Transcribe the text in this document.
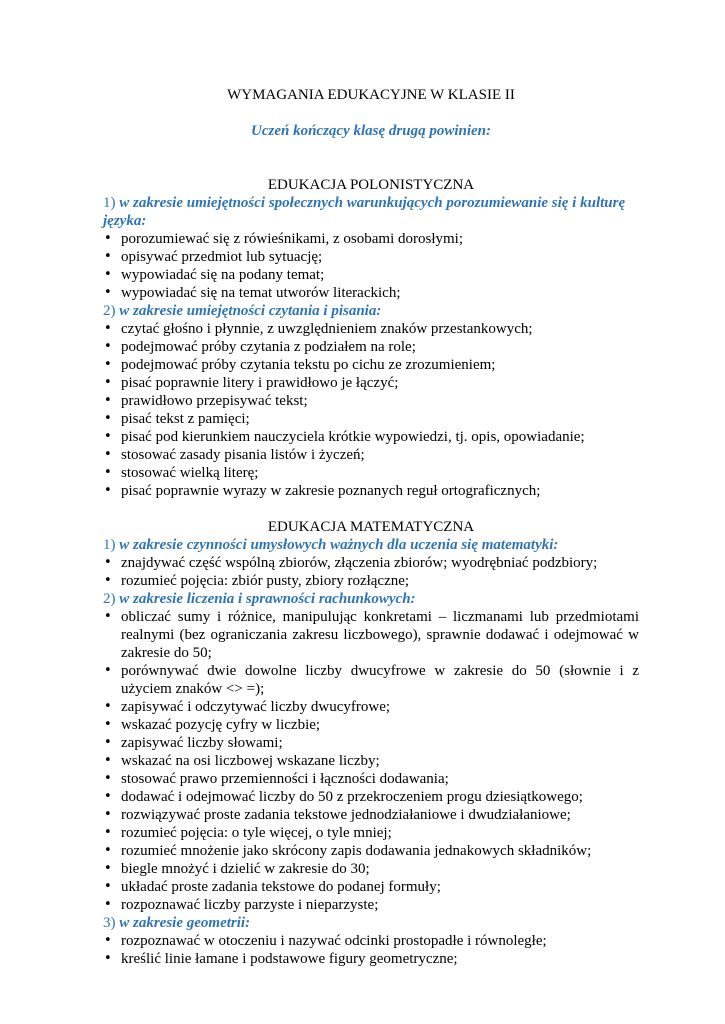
WYMAGANIA EDUKACYJNE W KLASIE II

Uczeń kończący klasę drugą powinien:

EDUKACJA POLONISTYCZNA

1) w zakresie umiejętności społecznych warunkujących porozumiewanie się i kulturę języka:

• porozumiewać się z rówieśnikami, z osobami dorosłymi;
• opisywać przedmiot lub sytuację;
• wypowiadać się na podany temat;
• wypowiadać się na temat utworów literackich;

2) w zakresie umiejętności czytania i pisania:

• czytać głośno i płynnie, z uwzględnieniem znaków przestankowych;
• podejmować próby czytania z podziałem na role;
• podejmować próby czytania tekstu po cichu ze zrozumieniem;
• pisać poprawnie litery i prawidłowo je łączyć;
• prawidłowo przepisywać tekst;
• pisać tekst z pamięci;
• pisać pod kierunkiem nauczyciela krótkie wypowiedzi, tj. opis, opowiadanie;
• stosować zasady pisania listów i życzeń;
• stosować wielką literę;
• pisać poprawnie wyrazy w zakresie poznanych reguł ortograficznych;
EDUKACJA MATEMATYCZNA

1) w zakresie czynności umysłowych ważnych dla uczenia się matematyki:

• znajdywać część wspólną zbiorów, złączenia zbiorów; wyodrębniać podzbiory;
• rozumieć pojęcia: zbiór pusty, zbiory rozłączne;

2) w zakresie liczenia i sprawności rachunkowych:

• obliczać sumy i różnice, manipulując konkretami – liczmanami lub przedmiotami realnymi (bez ograniczania zakresu liczbowego), sprawnie dodawać i odejmować w zakresie do 50;
• porównywać dwie dowolne liczby dwucyfrowe w zakresie do 50 (słownie i z użyciem znaków <> =);
• zapisywać i odczytywać liczby dwucyfrowe;
• wskazać pozycję cyfry w liczbie;
• zapisywać liczby słowami;
• wskazać na osi liczbowej wskazane liczby;
• stosować prawo przemienności i łączności dodawania;
• dodawać i odejmować liczby do 50 z przekroczeniem progu dziesiątkowego;
• rozwiązywać proste zadania tekstowe jednodziałaniowe i dwudziałaniowe;
• rozumieć pojęcia: o tyle więcej, o tyle mniej;
• rozumieć mnożenie jako skrócony zapis dodawania jednakowych składników;
• biegle mnożyć i dzielić w zakresie do 30;
• układać proste zadania tekstowe do podanej formuły;
• rozpoznawać liczby parzyste i nieparzyste;

3) w zakresie geometrii:

• rozpoznawać w otoczeniu i nazywać odcinki prostopadłe i równoległe;
• kreślić linie łamane i podstawowe figury geometryczne;
